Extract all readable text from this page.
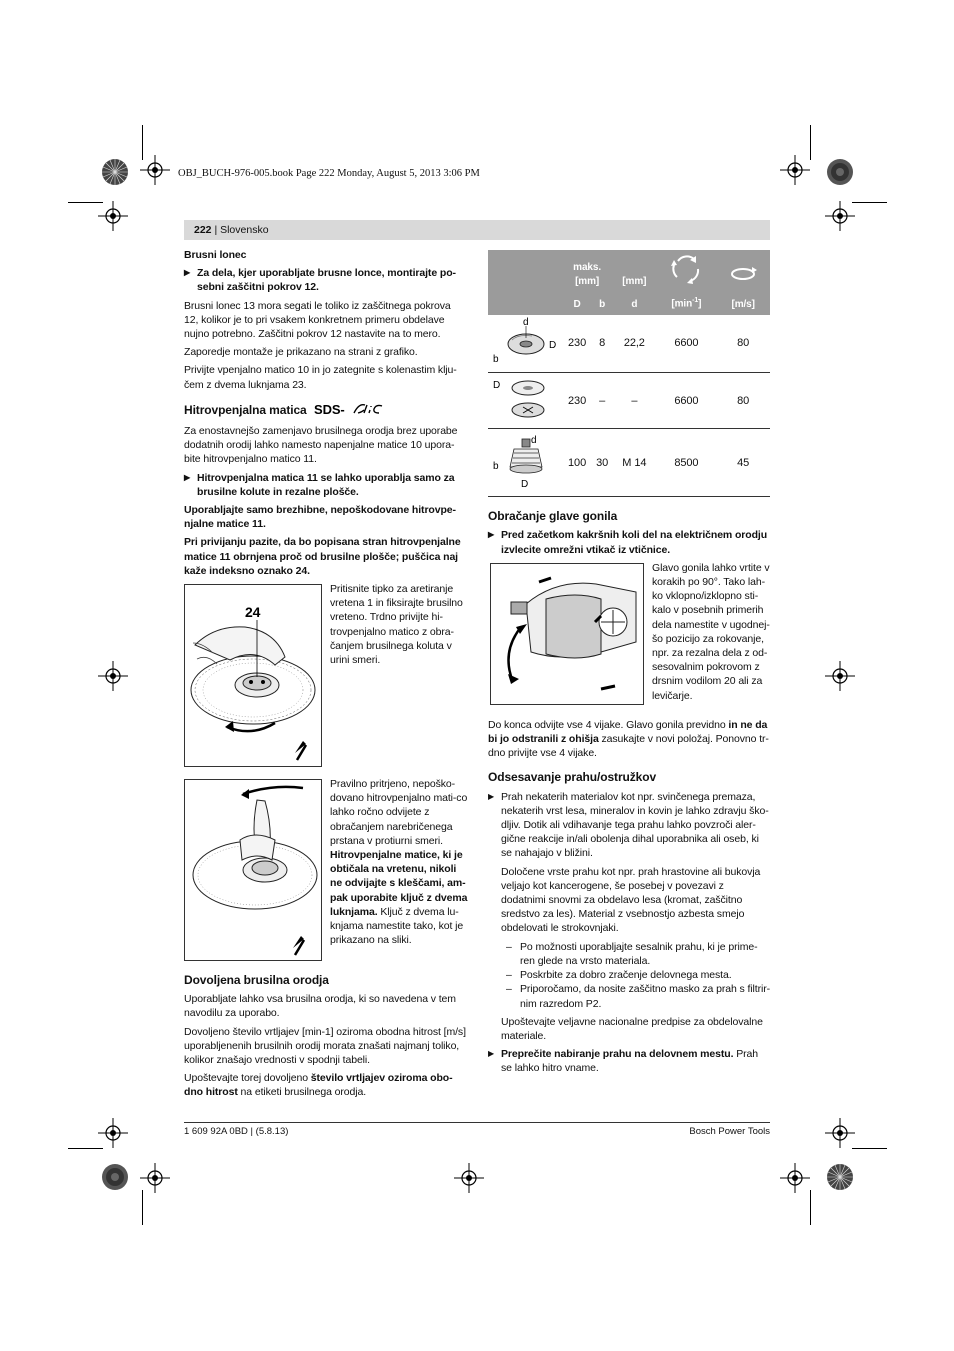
OBJ_BUCH-976-005.book Page 222 Monday, August 5, 2013 3:06 PM
222 | Slovensko
Brusni lonec

▶ Za dela, kjer uporabljate brusne lonce, montirajte po-sebni zaščitni pokrov 12.

Brusni lonec 13 mora segati le toliko iz zaščitnega pokrova 12, kolikor je to pri vsakem konkretnem primeru obdelave nujno potrebno. Zaščitni pokrov 12 nastavite na to mero.

Zaporedje montaže je prikazano na strani z grafiko.

Privijte vpenjalno matico 10 in jo zategnite s kolenastim klju-čem z dvema luknjama 23.

Hitrovpenjalna matica SDS-

Za enostavnejšo zamenjavo brusilnega orodja brez uporabe dodatnih orodij lahko namesto napenjalne matice 10 upora-bite hitrovpenjalno matico 11.

▶ Hitrovpenjalna matica 11 se lahko uporablja samo za brusilne kolute in rezalne plošče.

Uporabljajte samo brezhibne, nepoškodovane hitrovpe-njalne matice 11.

Pri privijanju pazite, da bo popisana stran hitrovpenjalne matice 11 obrnjena proč od brusilne plošče; puščica naj kaže indeksno oznako 24.

24
Pritisnite tipko za aretiranje vretena 1 in fiksirajte brusilno vreteno. Trdno privijte hi-trovpenjalno matico z obra-čanjem brusilnega koluta v urini smeri.
Pravilno pritrjeno, nepoško-dovano hitrovpenjalno mati-co lahko ročno odvijete z obračanjem narebričenega prstana v protiurni smeri. Hitrovpenjalne matice, ki je obtičala na vretenu, nikoli ne odvijajte s kleščami, am-pak uporabite ključ z dvema luknjama. Ključ z dvema lu-knjama namestite tako, kot je prikazano na sliki.
Dovoljena brusilna orodja

Uporabljate lahko vsa brusilna orodja, ki so navedena v tem navodilu za uporabo.

Dovoljeno število vrtljajev [min-1] oziroma obodna hitrost [m/s] uporabljenenih brusilnih orodij morata znašati najmanj toliko, kolikor znašajo vrednosti v spodnji tabeli.

Upoštevajte torej dovoljeno število vrtljajev oziroma obo-dno hitrost na etiketi brusilnega orodja.

	maks.
[mm]		[mm]		
	D	b	d	$[\min^{-1}]$	[m/s]

d
D
b	230	8	22,2	6600	80

D	230	–	–	6600	80

d
b
D	100	30	M 14	8500	45
Obračanje glave gonila

▶ Pred začetkom kakršnih koli del na električnem orodju izvlecite omrežni vtikač iz vtičnice.

Glavo gonila lahko vrtite v korakih po 90°. Tako lah-ko vklopno/izklopno sti-kalo v posebnih primerih dela namestite v ugodnej-šo pozicijo za rokovanje, npr. za rezalna dela z od-sesovalnim pokrovom z drsnim vodilom 20 ali za levičarje.

Do konca odvijte vse 4 vijake. Glavo gonila previdno in ne da bi jo odstranili z ohišja zasukajte v novi položaj. Ponovno tr-dno privijte vse 4 vijake.

Odsesavanje prahu/ostružkov

▶ Prah nekaterih materialov kot npr. svinčenega premaza, nekaterih vrst lesa, mineralov in kovin je lahko zdravju ško-dljiv. Dotik ali vdihavanje tega prahu lahko povzroči aler-gične reakcije in/ali obolenja dihal uporabnika ali oseb, ki se nahajajo v bližini.

Določene vrste prahu kot npr. prah hrastovine ali bukovja veljajo kot kancerogene, še posebej v povezavi z dodatnimi snovmi za obdelavo lesa (kromat, zaščitno sredstvo za les). Material z vsebnostjo azbesta smejo obdelovati le strokovnjaki.

– Po možnosti uporabljajte sesalnik prahu, ki je prime-ren glede na vrsto materiala.

– Poskrbite za dobro zračenje delovnega mesta.

– Priporočamo, da nosite zaščitno masko za prah s filtrir-nim razredom P2.

Upoštevajte veljavne nacionalne predpise za obdelovalne materiale.

▶ Preprečite nabiranje prahu na delovnem mestu. Prah se lahko hitro vname.

1 609 92A 0BD | (5.8.13)	Bosch Power Tools
